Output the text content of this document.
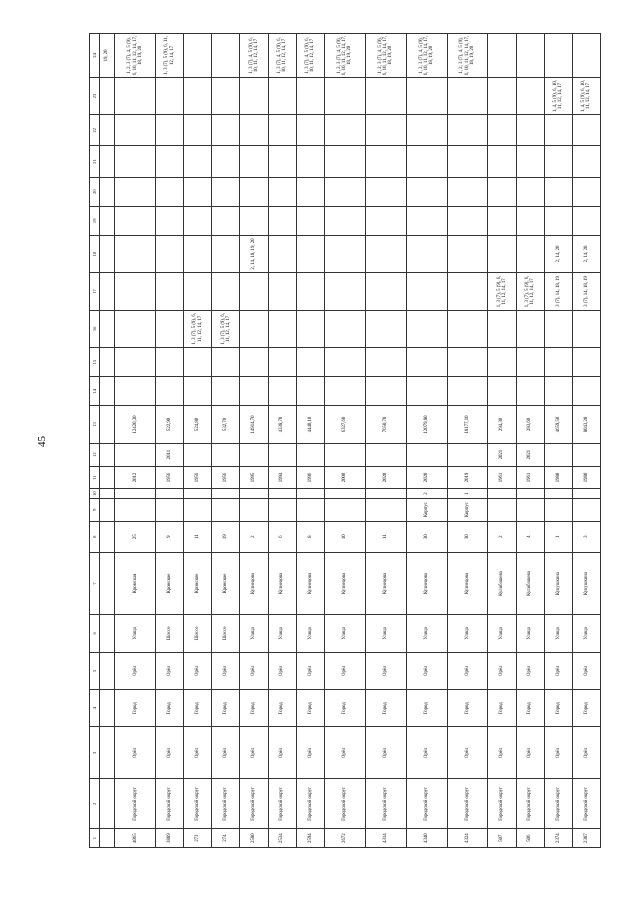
45
1	2	3	4	5	6	7	8	9	10	11	12	13	14	15	16	17	18	19	20	21	22	23	24
																							19, 20
4065	Городской округ	Орёл	Город	Орёл	Улица	Кромская	25			2012		12420,30											1, 2, 3 (7), 4, 5 (9), 6, 10, 11, 12, 14, 17, 18, 19, 20
3889	Городской округ	Орёл	Город	Орёл	Шоссе	Кромское	9			1956	2011	522,90											1, 3 (7), 5 (9), 6, 11, 12, 14, 17
273	Городской округ	Орёл	Город	Орёл	Шоссе	Кромское	11			1956		524,80			1, 3 (7), 5 (9), 6, 11, 12, 14, 17								
274	Городской округ	Орёл	Город	Орёл	Шоссе	Кромское	19			1956		532,70			1, 3 (7), 5 (9), 6, 11, 12, 14, 17								
2580	Городской округ	Орёл	Город	Орёл	Улица	Кузнецова	2			1995		14914,70					2, 14, 18, 19, 20						1, 3 (7), 4, 5 (9), 6, 10, 11, 12, 14, 17
2534	Городской округ	Орёл	Город	Орёл	Улица	Кузнецова	6			1994		4338,70											1, 3 (7), 4, 5 (9), 6, 10, 11, 12, 14, 17
2594	Городской округ	Орёл	Город	Орёл	Улица	Кузнецова	8			1996		4440,10											1, 3 (7), 4, 5 (9), 6, 10, 11, 12, 14, 17
2672	Городской округ	Орёл	Город	Орёл	Улица	Кузнецова	10			2000		6327,60											1, 2, 3 (7), 4, 5 (9), 6, 10, 11, 12, 14, 17, 18, 19, 20
4314	Городской округ	Орёл	Город	Орёл	Улица	Кузнецова	11			2020		7650,70											1, 2, 3 (7), 4, 5 (9), 6, 10, 11, 12, 14, 17, 18, 19, 20
4340	Городской округ	Орёл	Город	Орёл	Улица	Кузнецова	30	Корпус	2	2020		12079,80											1, 2, 3 (7), 4, 5 (9), 6, 10, 11, 12, 14, 17, 18, 19, 20
4324	Городской округ	Орёл	Город	Орёл	Улица	Кузнецова	30	Корпус	1	2019		18177,10											1, 2, 3 (7), 4, 5 (9), 6, 10, 11, 12, 14, 17, 18, 19, 20
507	Городской округ	Орёл	Город	Орёл	Улица	Кулибашева	2			1961	2021	294,30				1, 3 (7), 5 (9), 6, 11, 12, 14, 17							
506	Городской округ	Орёл	Город	Орёл	Улица	Кулибашева	4			1961	2021	283,60				1, 3 (7), 5 (9), 6, 11, 12, 14, 17							
2374	Городской округ	Орёл	Город	Орёл	Улица	Кукушкина	1			1980		4659,50				3 (7), 14, 18, 19	2, 14, 20					1, 4, 5 (9), 6, 10, 11, 12, 14, 17	
2387	Городской округ	Орёл	Город	Орёл	Улица	Кукушкина	3			1980		8043,20				3 (7), 14, 18, 19	2, 14, 20					1, 4, 5 (9), 6, 10, 11, 12, 14, 17	
